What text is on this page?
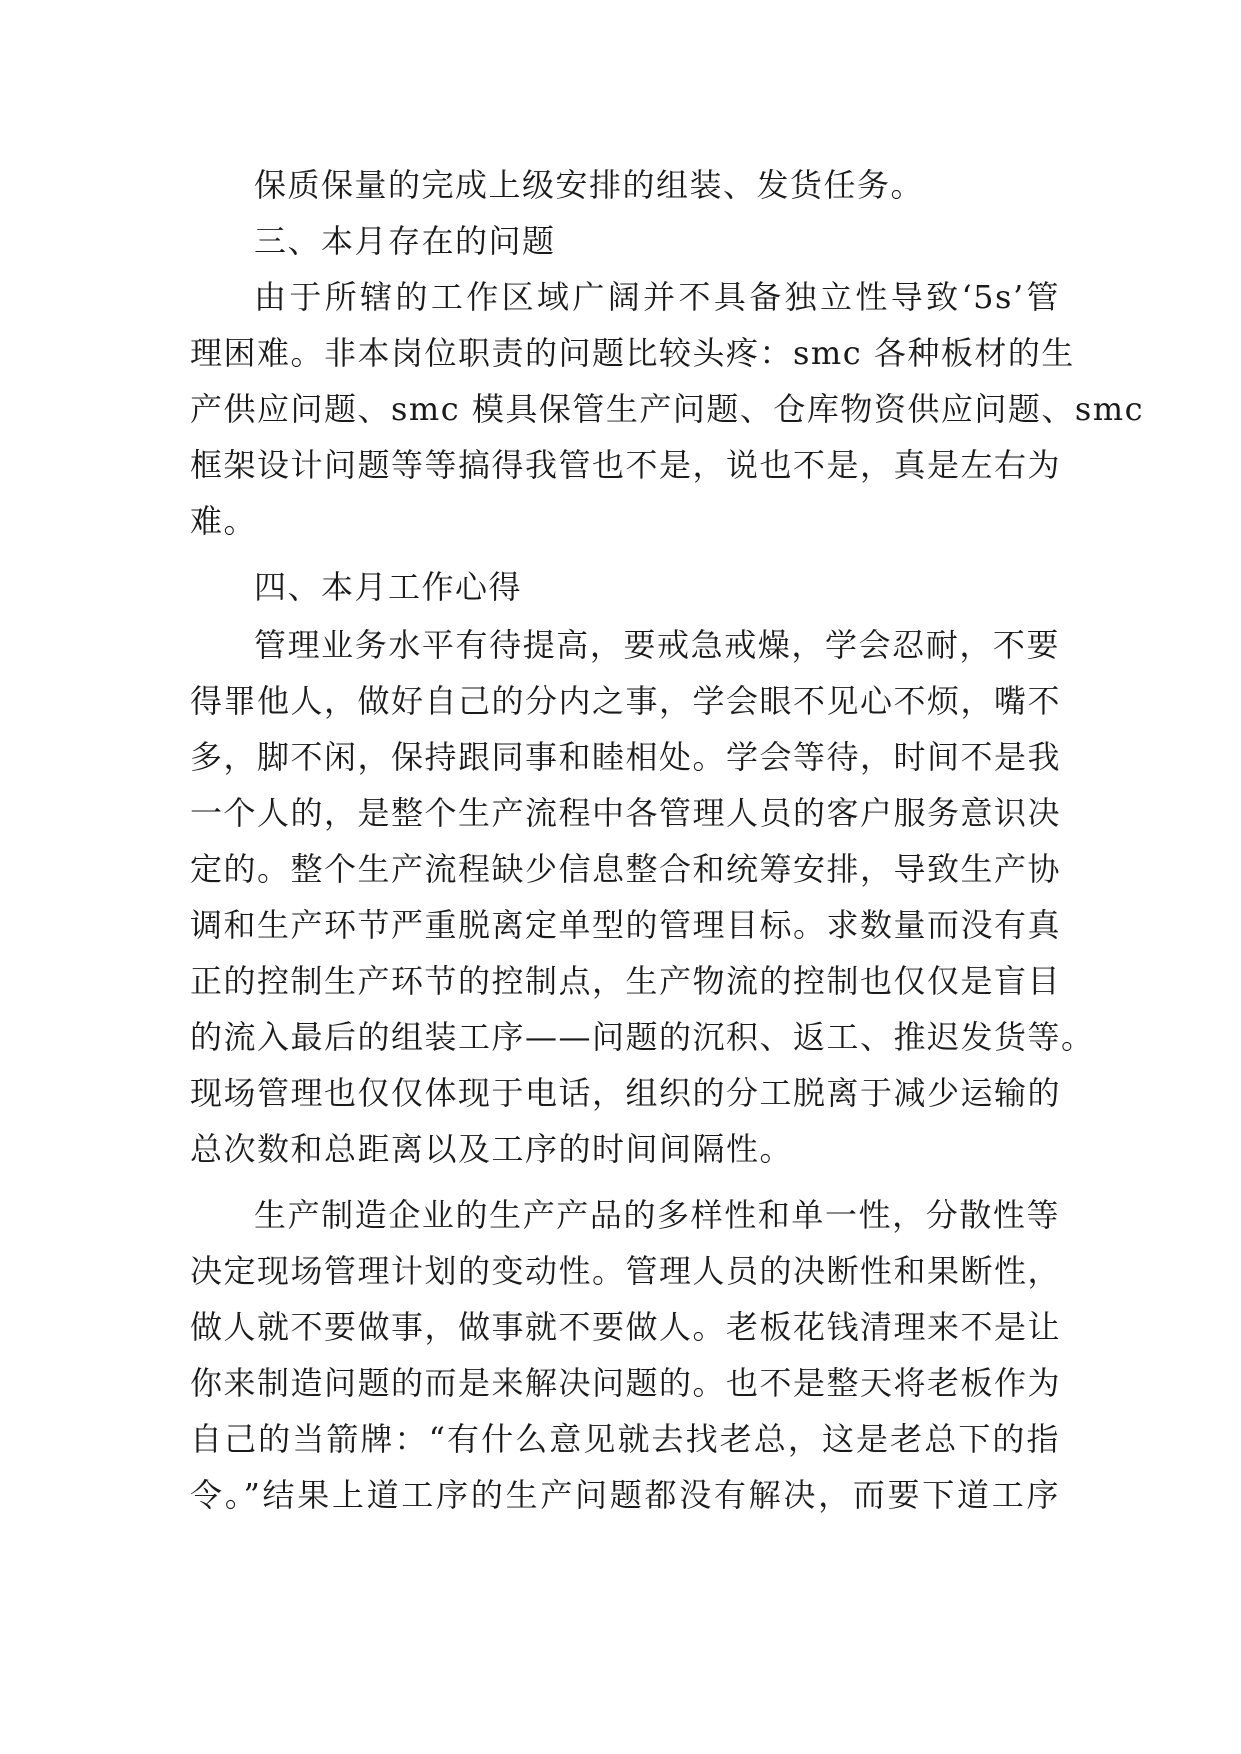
保质保量的完成上级安排的组装、发货任务。
三、本月存在的问题
由于所辖的工作区域广阔并不具备独立性导致‘5s’管
理困难。非本岗位职责的问题比较头疼：smc 各种板材的生
产供应问题、smc 模具保管生产问题、仓库物资供应问题、smc
框架设计问题等等搞得我管也不是，说也不是，真是左右为
难。
四、本月工作心得
管理业务水平有待提高，要戒急戒燥，学会忍耐，不要
得罪他人，做好自己的分内之事，学会眼不见心不烦，嘴不
多，脚不闲，保持跟同事和睦相处。学会等待，时间不是我
一个人的，是整个生产流程中各管理人员的客户服务意识决
定的。整个生产流程缺少信息整合和统筹安排，导致生产协
调和生产环节严重脱离定单型的管理目标。求数量而没有真
正的控制生产环节的控制点，生产物流的控制也仅仅是盲目
的流入最后的组装工序——问题的沉积、返工、推迟发货等。
现场管理也仅仅体现于电话，组织的分工脱离于减少运输的
总次数和总距离以及工序的时间间隔性。
生产制造企业的生产产品的多样性和单一性，分散性等
决定现场管理计划的变动性。管理人员的决断性和果断性，
做人就不要做事，做事就不要做人。老板花钱清理来不是让
你来制造问题的而是来解决问题的。也不是整天将老板作为
自己的当箭牌：“有什么意见就去找老总，这是老总下的指
令。”结果上道工序的生产问题都没有解决，而要下道工序
